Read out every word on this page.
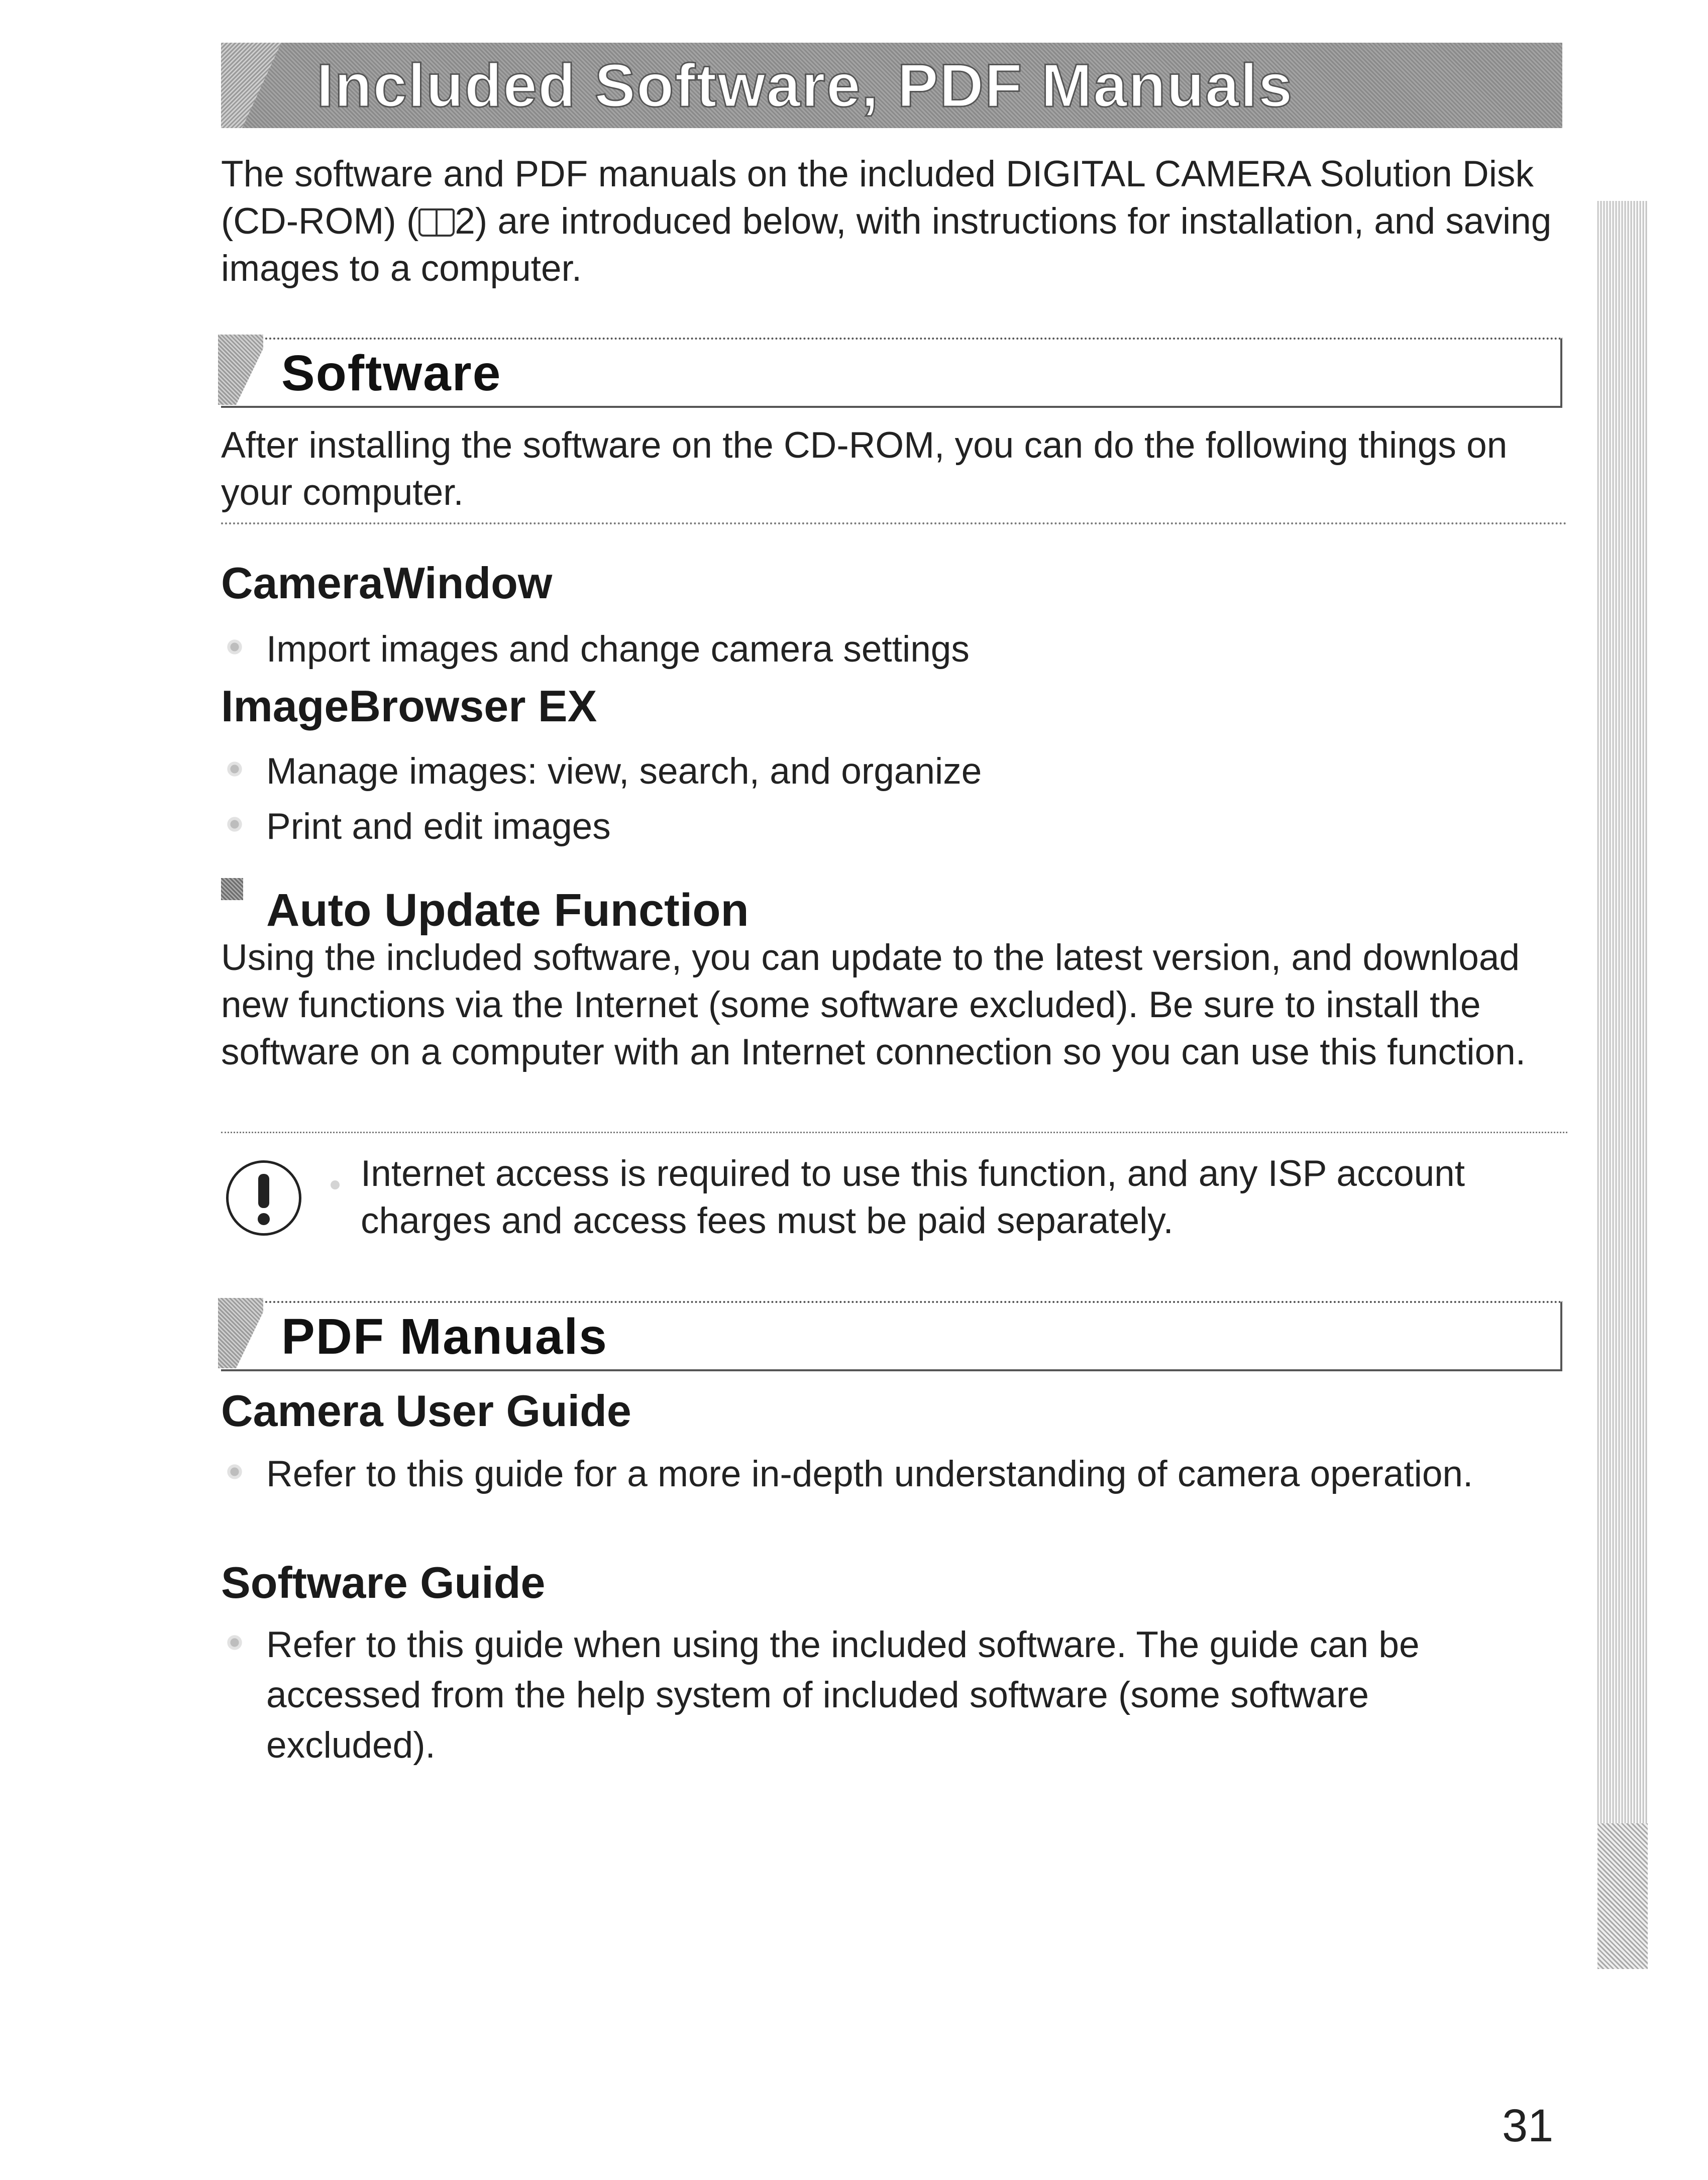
Included Software, PDF Manuals
The software and PDF manuals on the included DIGITAL CAMERA Solution Disk (CD-ROM) ( 2) are introduced below, with instructions for installation, and saving images to a computer.
Software
After installing the software on the CD-ROM, you can do the following things on your computer.
CameraWindow
Import images and change camera settings
ImageBrowser EX
Manage images: view, search, and organize
Print and edit images
Auto Update Function
Using the included software, you can update to the latest version, and download new functions via the Internet (some software excluded). Be sure to install the software on a computer with an Internet connection so you can use this function.
Internet access is required to use this function, and any ISP account charges and access fees must be paid separately.
PDF Manuals
Camera User Guide
Refer to this guide for a more in-depth understanding of camera operation.
Software Guide
Refer to this guide when using the included software. The guide can be accessed from the help system of included software (some software excluded).
31
